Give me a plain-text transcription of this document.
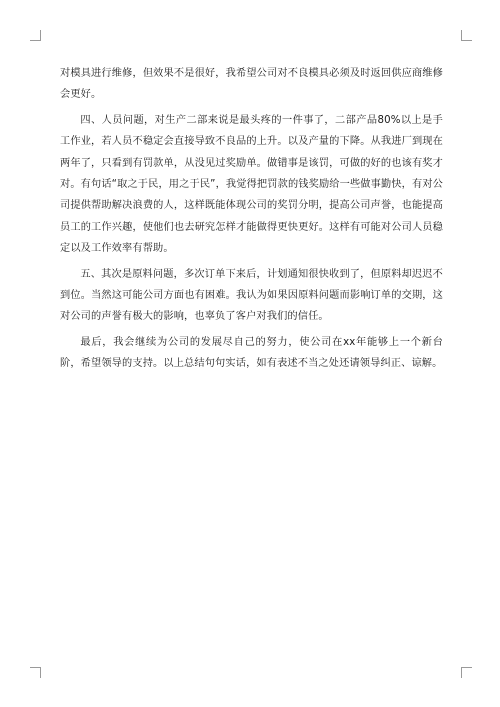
对模具进行维修，但效果不是很好，我希望公司对不良模具必须及时返回供应商维修会更好。

四、人员问题，对生产二部来说是最头疼的一件事了，二部产品80%以上是手工作业，若人员不稳定会直接导致不良品的上升。以及产量的下降。从我进厂到现在两年了，只看到有罚款单，从没见过奖励单。做错事是该罚，可做的好的也该有奖才对。有句话“取之于民，用之于民”，我觉得把罚款的钱奖励给一些做事勤快，有对公司提供帮助解决浪费的人，这样既能体现公司的奖罚分明，提高公司声誉，也能提高员工的工作兴趣，使他们也去研究怎样才能做得更快更好。这样有可能对公司人员稳定以及工作效率有帮助。

五、其次是原料问题，多次订单下来后，计划通知很快收到了，但原料却迟迟不到位。当然这可能公司方面也有困难。我认为如果因原料问题而影响订单的交期，这对公司的声誉有极大的影响，也辜负了客户对我们的信任。

最后，我会继续为公司的发展尽自己的努力，使公司在xx年能够上一个新台阶，希望领导的支持。以上总结句句实话，如有表述不当之处还请领导纠正、谅解。
